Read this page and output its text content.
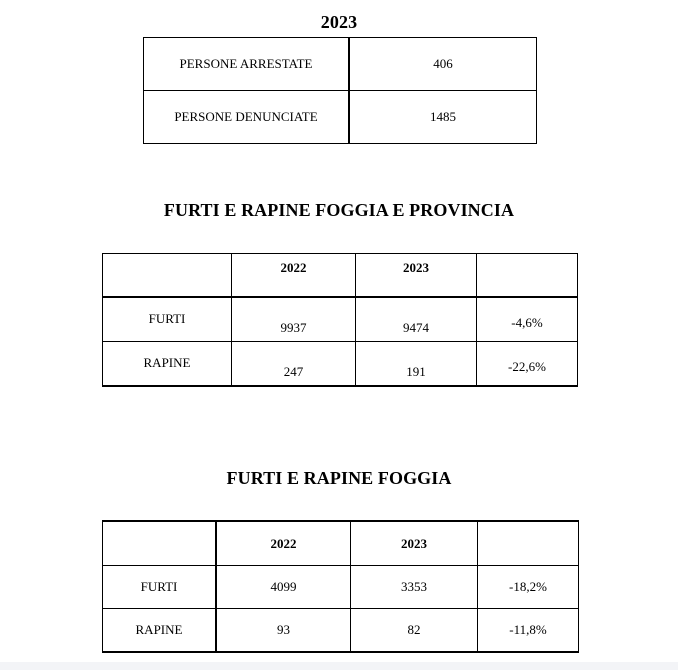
2023
PERSONE ARRESTATE	406
PERSONE DENUNCIATE	1485
FURTI E RAPINE FOGGIA E PROVINCIA

	2022	2023	

FURTI	9937	9474	-4,6%

RAPINE	247	191	-22,6%
FURTI E RAPINE FOGGIA
	2022	2023	
FURTI	4099	3353	-18,2%
RAPINE	93	82	-11,8%
